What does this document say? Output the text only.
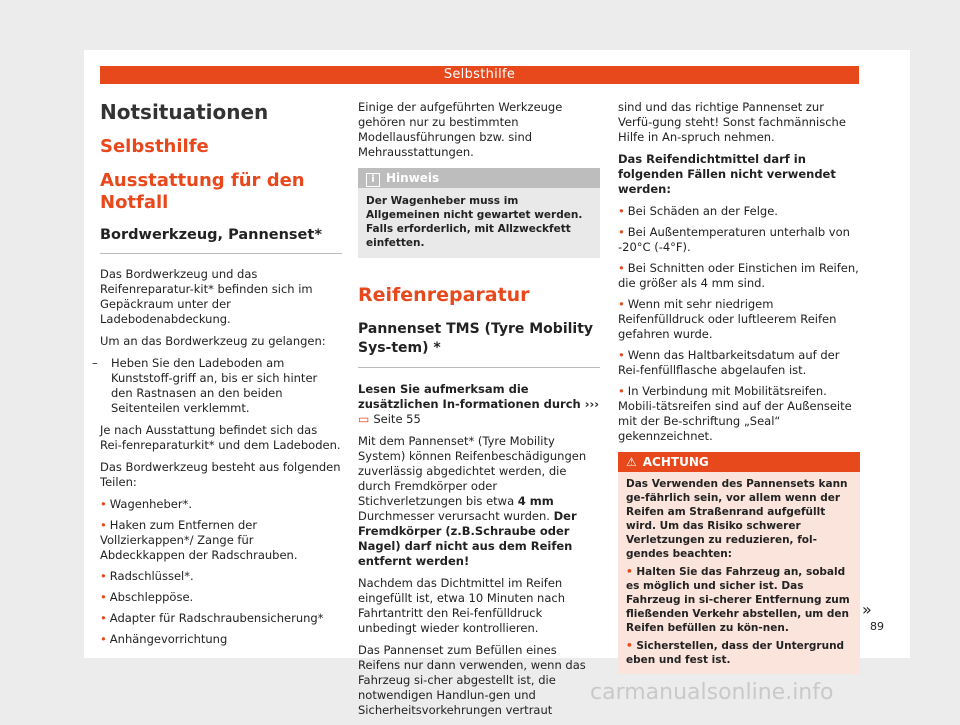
Selbsthilfe
Notsituationen
Selbsthilfe
Ausstattung für den Notfall
Bordwerkzeug, Pannenset*

Das Bordwerkzeug und das Reifenreparatur-kit* befinden sich im Gepäckraum unter der Ladebodenabdeckung.

Um an das Bordwerkzeug zu gelangen:

– Heben Sie den Ladeboden am Kunststoff-griff an, bis er sich hinter den Rastnasen an den beiden Seitenteilen verklemmt.

Je nach Ausstattung befindet sich das Rei-fenreparaturkit* und dem Ladeboden.

Das Bordwerkzeug besteht aus folgenden Teilen:

• Wagenheber*.
• Haken zum Entfernen der Vollzierkappen*/ Zange für Abdeckkappen der Radschrauben.
• Radschlüssel*.
• Abschleppöse.
• Adapter für Radschraubensicherung*
• Anhängevorrichtung

Einige der aufgeführten Werkzeuge gehören nur zu bestimmten Modellausführungen bzw. sind Mehrausstattungen.

i Hinweis
Der Wagenheber muss im Allgemeinen nicht gewartet werden. Falls erforderlich, mit Allzweckfett einfetten.
Reifenreparatur
Pannenset TMS (Tyre Mobility Sys-tem) *

Lesen Sie aufmerksam die zusätzlichen In-formationen durch ››› ▭ Seite 55

Mit dem Pannenset* (Tyre Mobility System) können Reifenbeschädigungen zuverlässig abgedichtet werden, die durch Fremdkörper oder Stichverletzungen bis etwa 4 mm Durchmesser verursacht wurden. Der Fremdkörper (z.B.Schraube oder Nagel) darf nicht aus dem Reifen entfernt werden!

Nachdem das Dichtmittel im Reifen eingefüllt ist, etwa 10 Minuten nach Fahrtantritt den Rei-fenfülldruck unbedingt wieder kontrollieren.

Das Pannenset zum Befüllen eines Reifens nur dann verwenden, wenn das Fahrzeug si-cher abgestellt ist, die notwendigen Handlun-gen und Sicherheitsvorkehrungen vertraut

sind und das richtige Pannenset zur Verfü-gung steht! Sonst fachmännische Hilfe in An-spruch nehmen.

Das Reifendichtmittel darf in folgenden Fällen nicht verwendet werden:

• Bei Schäden an der Felge.
• Bei Außentemperaturen unterhalb von -20°C (-4°F).
• Bei Schnitten oder Einstichen im Reifen, die größer als 4 mm sind.
• Wenn mit sehr niedrigem Reifenfülldruck oder luftleerem Reifen gefahren wurde.
• Wenn das Haltbarkeitsdatum auf der Rei-fenfüllflasche abgelaufen ist.
• In Verbindung mit Mobilitätsreifen. Mobili-tätsreifen sind auf der Außenseite mit der Be-schriftung „Seal“ gekennzeichnet.
⚠ ACHTUNG

Das Verwenden des Pannensets kann ge-fährlich sein, vor allem wenn der Reifen am Straßenrand aufgefüllt wird. Um das Risiko schwerer Verletzungen zu reduzieren, fol-gendes beachten:

• Halten Sie das Fahrzeug an, sobald es möglich und sicher ist. Das Fahrzeug in si-cherer Entfernung zum fließenden Verkehr abstellen, um den Reifen befüllen zu kön-nen.

• Sicherstellen, dass der Untergrund eben und fest ist.

»
89
carmanualsonline.info
